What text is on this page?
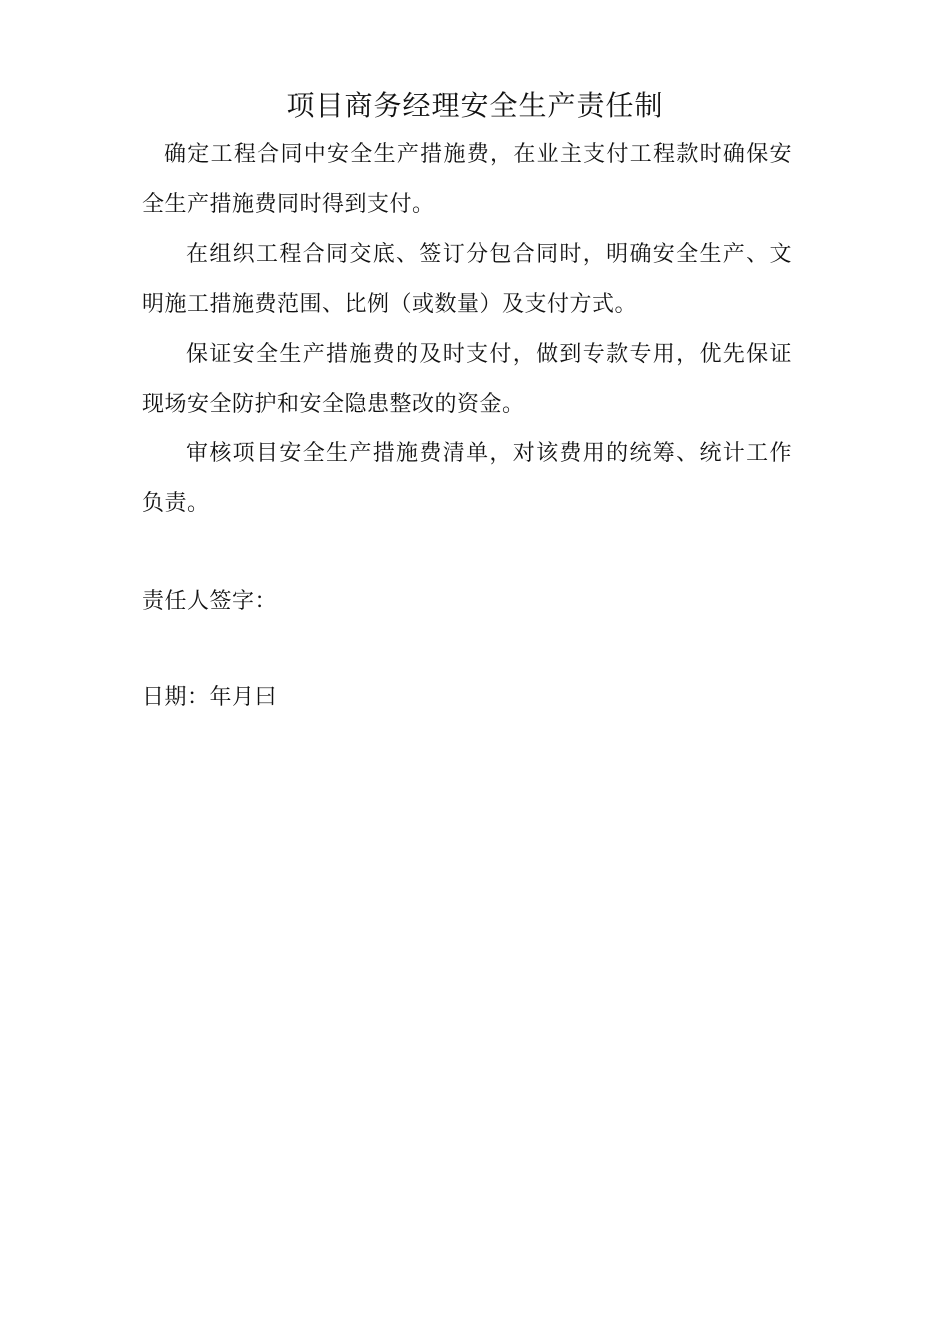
项目商务经理安全生产责任制

确定工程合同中安全生产措施费，在业主支付工程款时确保安全生产措施费同时得到支付。

在组织工程合同交底、签订分包合同时，明确安全生产、文明施工措施费范围、比例（或数量）及支付方式。

保证安全生产措施费的及时支付，做到专款专用，优先保证现场安全防护和安全隐患整改的资金。

审核项目安全生产措施费清单，对该费用的统筹、统计工作负责。

责任人签字：
日期：年月曰
